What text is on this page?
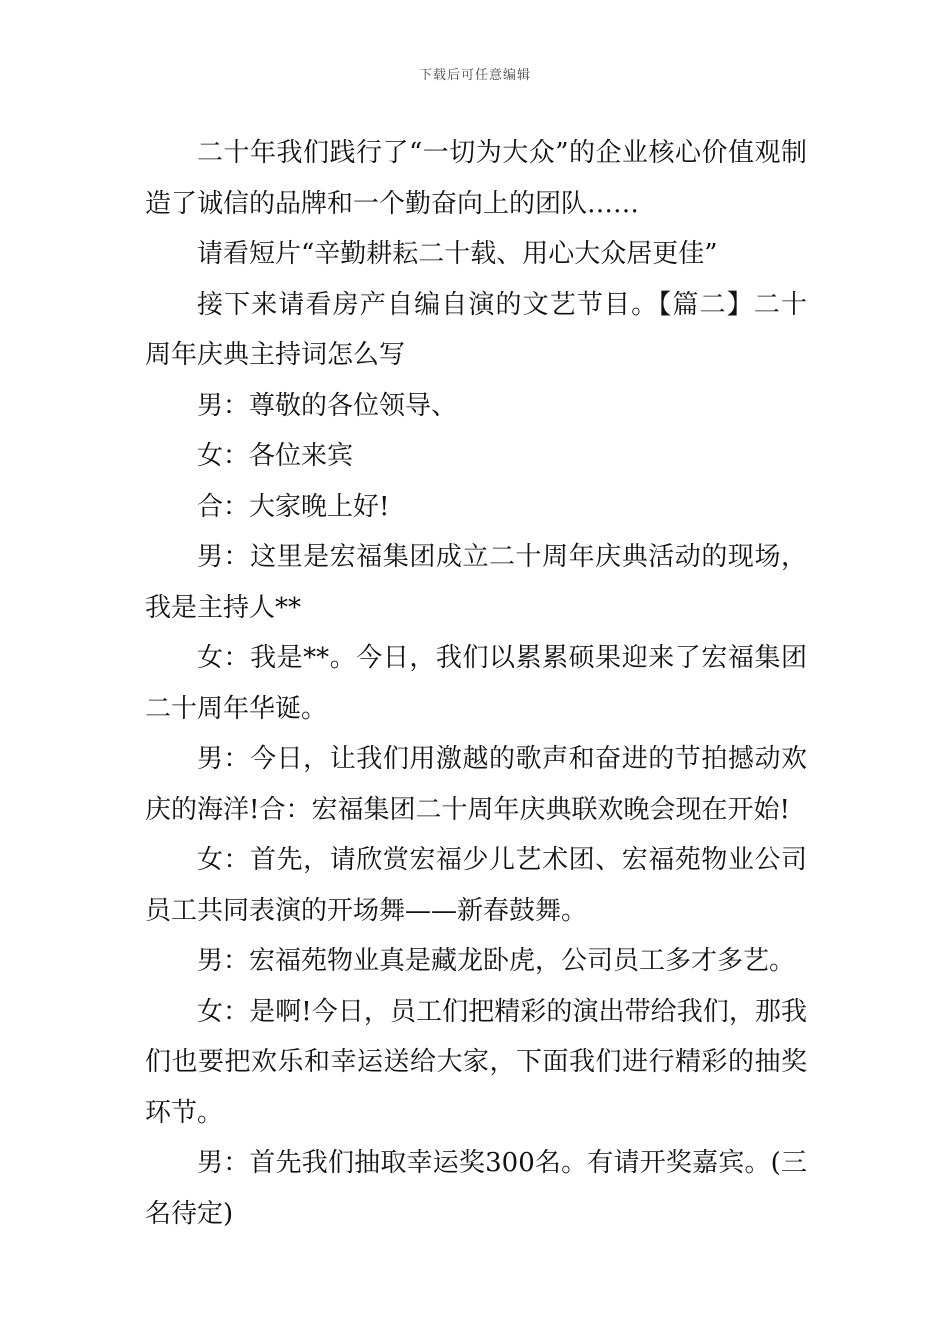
下载后可任意编辑

二十年我们践行了“一切为大众”的企业核心价值观制造了诚信的品牌和一个勤奋向上的团队……

请看短片“辛勤耕耘二十载、用心大众居更佳”

接下来请看房产自编自演的文艺节目。【篇二】二十周年庆典主持词怎么写

男：尊敬的各位领导、

女：各位来宾

合：大家晚上好!

男：这里是宏福集团成立二十周年庆典活动的现场，我是主持人**

女：我是**。今日，我们以累累硕果迎来了宏福集团二十周年华诞。

男：今日，让我们用激越的歌声和奋进的节拍撼动欢庆的海洋!合：宏福集团二十周年庆典联欢晚会现在开始!

女：首先，请欣赏宏福少儿艺术团、宏福苑物业公司员工共同表演的开场舞——新春鼓舞。

男：宏福苑物业真是藏龙卧虎，公司员工多才多艺。

女：是啊!今日，员工们把精彩的演出带给我们，那我们也要把欢乐和幸运送给大家，下面我们进行精彩的抽奖环节。

男：首先我们抽取幸运奖300名。有请开奖嘉宾。(三名待定)
